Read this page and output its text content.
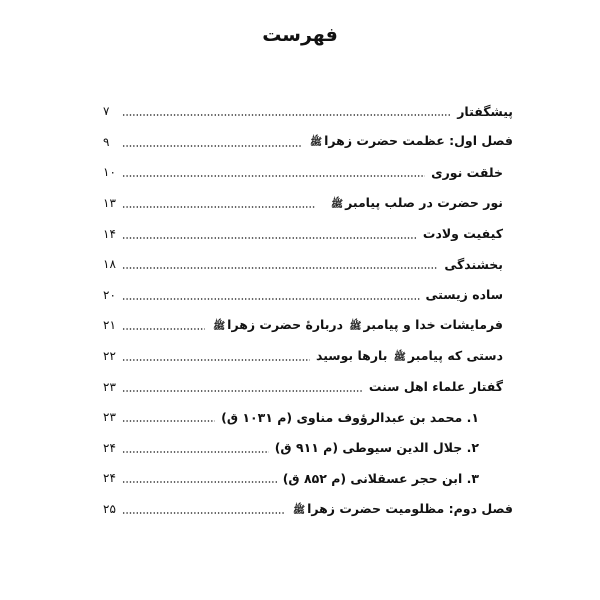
فهرست
۷	پیشگفتار
۹	فصل اول: عظمت حضرت زهراﷺ
۱۰	خلقت نوری
۱۳	نور حضرت در صلب پیامبرﷺ
۱۴	کیفیت ولادت
۱۸	بخشندگی
۲۰	ساده زیستی
۲۱	فرمایشات خدا و پیامبرﷺ دربارهٔ حضرت زهراﷺ
۲۲	دستی که پیامبرﷺ بارها بوسید
۲۳	گفتار علماء اهل سنت
۲۳	۱. محمد بن عبدالرؤوف مناوی (م ۱۰۳۱ ق)
۲۴	۲. جلال الدین سیوطی (م ۹۱۱ ق)
۲۴	۳. ابن حجر عسقلانی (م ۸۵۲ ق)
۲۵	فصل دوم: مظلومیت حضرت زهراﷺ
